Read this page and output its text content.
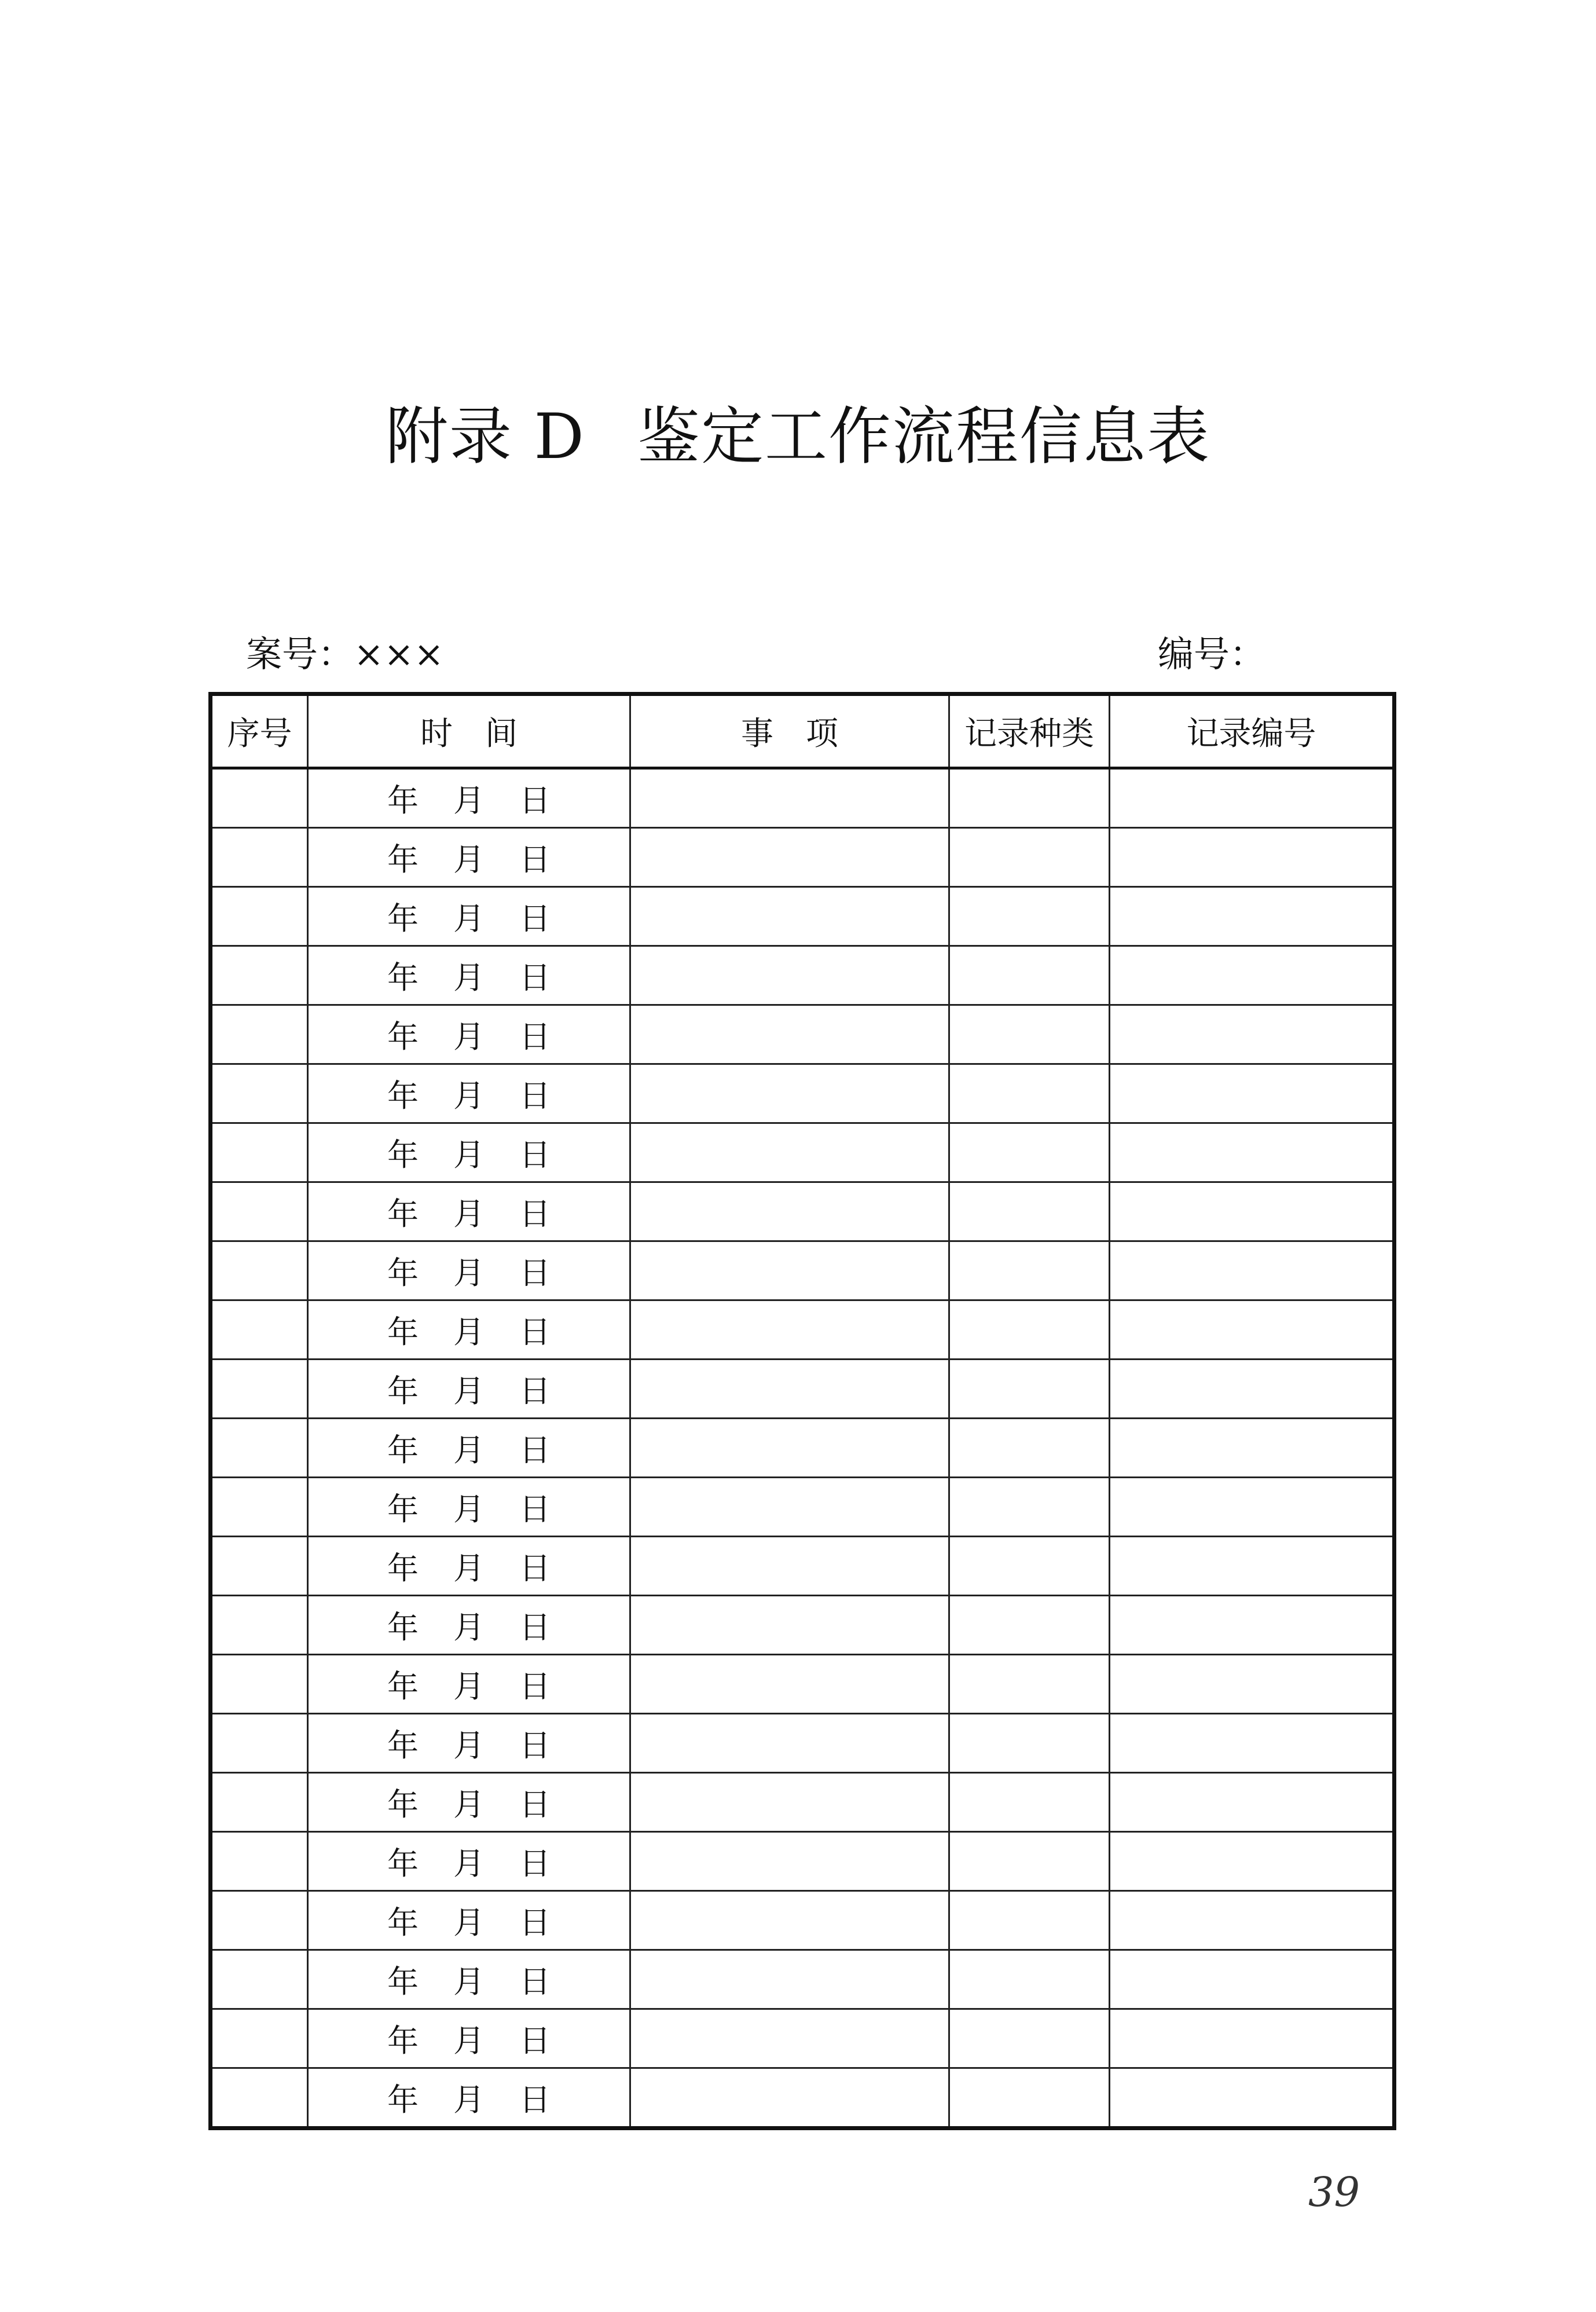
附录 D 鉴定工作流程信息表
案号：×××	编号：
序号	时　间	事　项	记录种类	记录编号
	年 月 日			
	年 月 日			
	年 月 日			
	年 月 日			
	年 月 日			
	年 月 日			
	年 月 日			
	年 月 日			
	年 月 日			
	年 月 日			
	年 月 日			
	年 月 日			
	年 月 日			
	年 月 日			
	年 月 日			
	年 月 日			
	年 月 日			
	年 月 日			
	年 月 日			
	年 月 日			
	年 月 日			
	年 月 日			
	年 月 日			
39
